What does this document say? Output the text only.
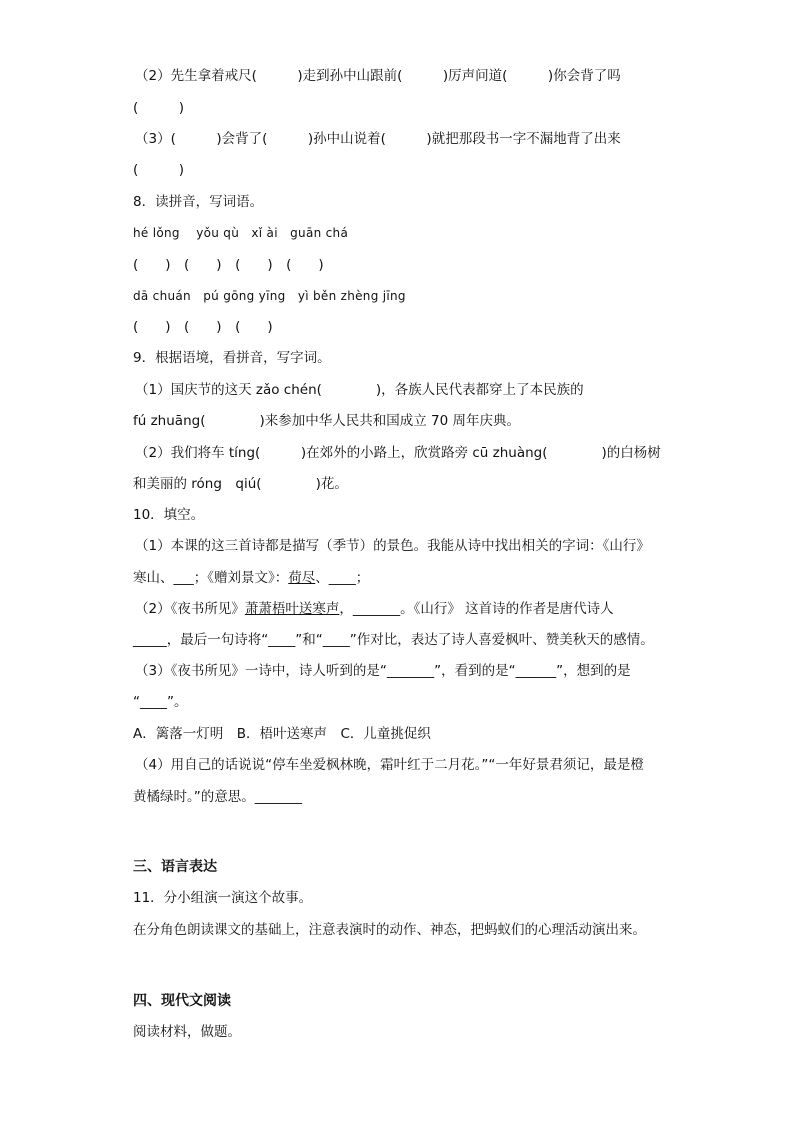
（2）先生拿着戒尺(　　　)走到孙中山跟前(　　　)厉声问道(　　　)你会背了吗
(　　　)
（3）(　　　)会背了(　　　)孙中山说着(　　　)就把那段书一字不漏地背了出来
(　　　)
8．读拼音，写词语。
hé lǒng　 yǒu qù　xǐ ài　guān chá
(　　)　(　　)　(　　)　(　　)
dā chuán　pú gōng yīng　yì běn zhèng jīng
(　　)　(　　)　(　　)
9．根据语境，看拼音，写字词。
（1）国庆节的这天 zǎo chén(　　　　)，各族人民代表都穿上了本民族的
fú zhuāng(　　　　)来参加中华人民共和国成立 70 周年庆典。
（2）我们将车 tíng(　　　)在郊外的小路上，欣赏路旁 cū zhuàng(　　　　)的白杨树
和美丽的 róng　qiú(　　　　)花。
10．填空。
（1）本课的这三首诗都是描写（季节）的景色。我能从诗中找出相关的字词：《山行》
寒山、___；《赠刘景文》：荷尽、____；
（2）《夜书所见》萧萧梧叶送寒声，_______。《山行》 这首诗的作者是唐代诗人
_____，最后一句诗将“____”和“____”作对比，表达了诗人喜爱枫叶、赞美秋天的感情。
（3）《夜书所见》一诗中，诗人听到的是“_______”，看到的是“______”，想到的是
“____”。
A．篱落一灯明　B．梧叶送寒声　C．儿童挑促织
（4）用自己的话说说“停车坐爱枫林晚，霜叶红于二月花。”“一年好景君须记，最是橙
黄橘绿时。”的意思。_______
三、语言表达
11．分小组演一演这个故事。
在分角色朗读课文的基础上，注意表演时的动作、神态，把蚂蚁们的心理活动演出来。
四、现代文阅读
阅读材料，做题。
